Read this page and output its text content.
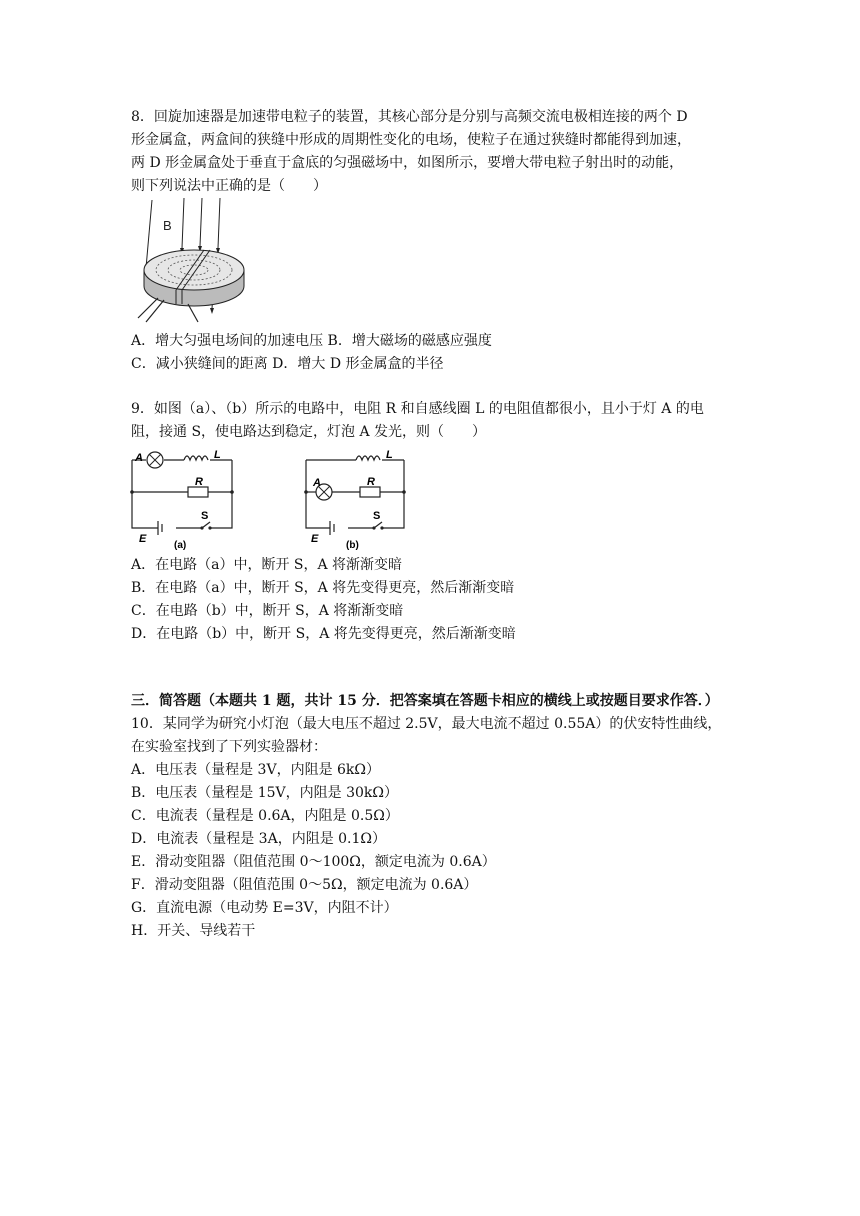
8．回旋加速器是加速带电粒子的装置，其核心部分是分别与高频交流电极相连接的两个 D
形金属盒，两盒间的狭缝中形成的周期性变化的电场，使粒子在通过狭缝时都能得到加速，
两 D 形金属盒处于垂直于盒底的匀强磁场中，如图所示，要增大带电粒子射出时的动能，
则下列说法中正确的是（　　）
B
A．增大匀强电场间的加速电压 B．增大磁场的磁感应强度
C．减小狭缝间的距离 D．增大 D 形金属盒的半径
9．如图（a）、（b）所示的电路中，电阻 R 和自感线圈 L 的电阻值都很小，且小于灯 A 的电
阻，接通 S，使电路达到稳定，灯泡 A 发光，则（　　）
A	L
R
S
E
(a)
A
L
R
S
E
(b)
A．在电路（a）中，断开 S，A 将渐渐变暗
B．在电路（a）中，断开 S，A 将先变得更亮，然后渐渐变暗
C．在电路（b）中，断开 S，A 将渐渐变暗
D．在电路（b）中，断开 S，A 将先变得更亮，然后渐渐变暗
三．简答题（本题共 1 题，共计 15 分．把答案填在答题卡相应的横线上或按题目要求作答．）
10．某同学为研究小灯泡（最大电压不超过 2.5V，最大电流不超过 0.55A）的伏安特性曲线，
在实验室找到了下列实验器材：
A．电压表（量程是 3V，内阻是 6kΩ）
B．电压表（量程是 15V，内阻是 30kΩ）
C．电流表（量程是 0.6A，内阻是 0.5Ω）
D．电流表（量程是 3A，内阻是 0.1Ω）
E．滑动变阻器（阻值范围 0～100Ω，额定电流为 0.6A）
F．滑动变阻器（阻值范围 0～5Ω，额定电流为 0.6A）
G．直流电源（电动势 E=3V，内阻不计）
H．开关、导线若干
